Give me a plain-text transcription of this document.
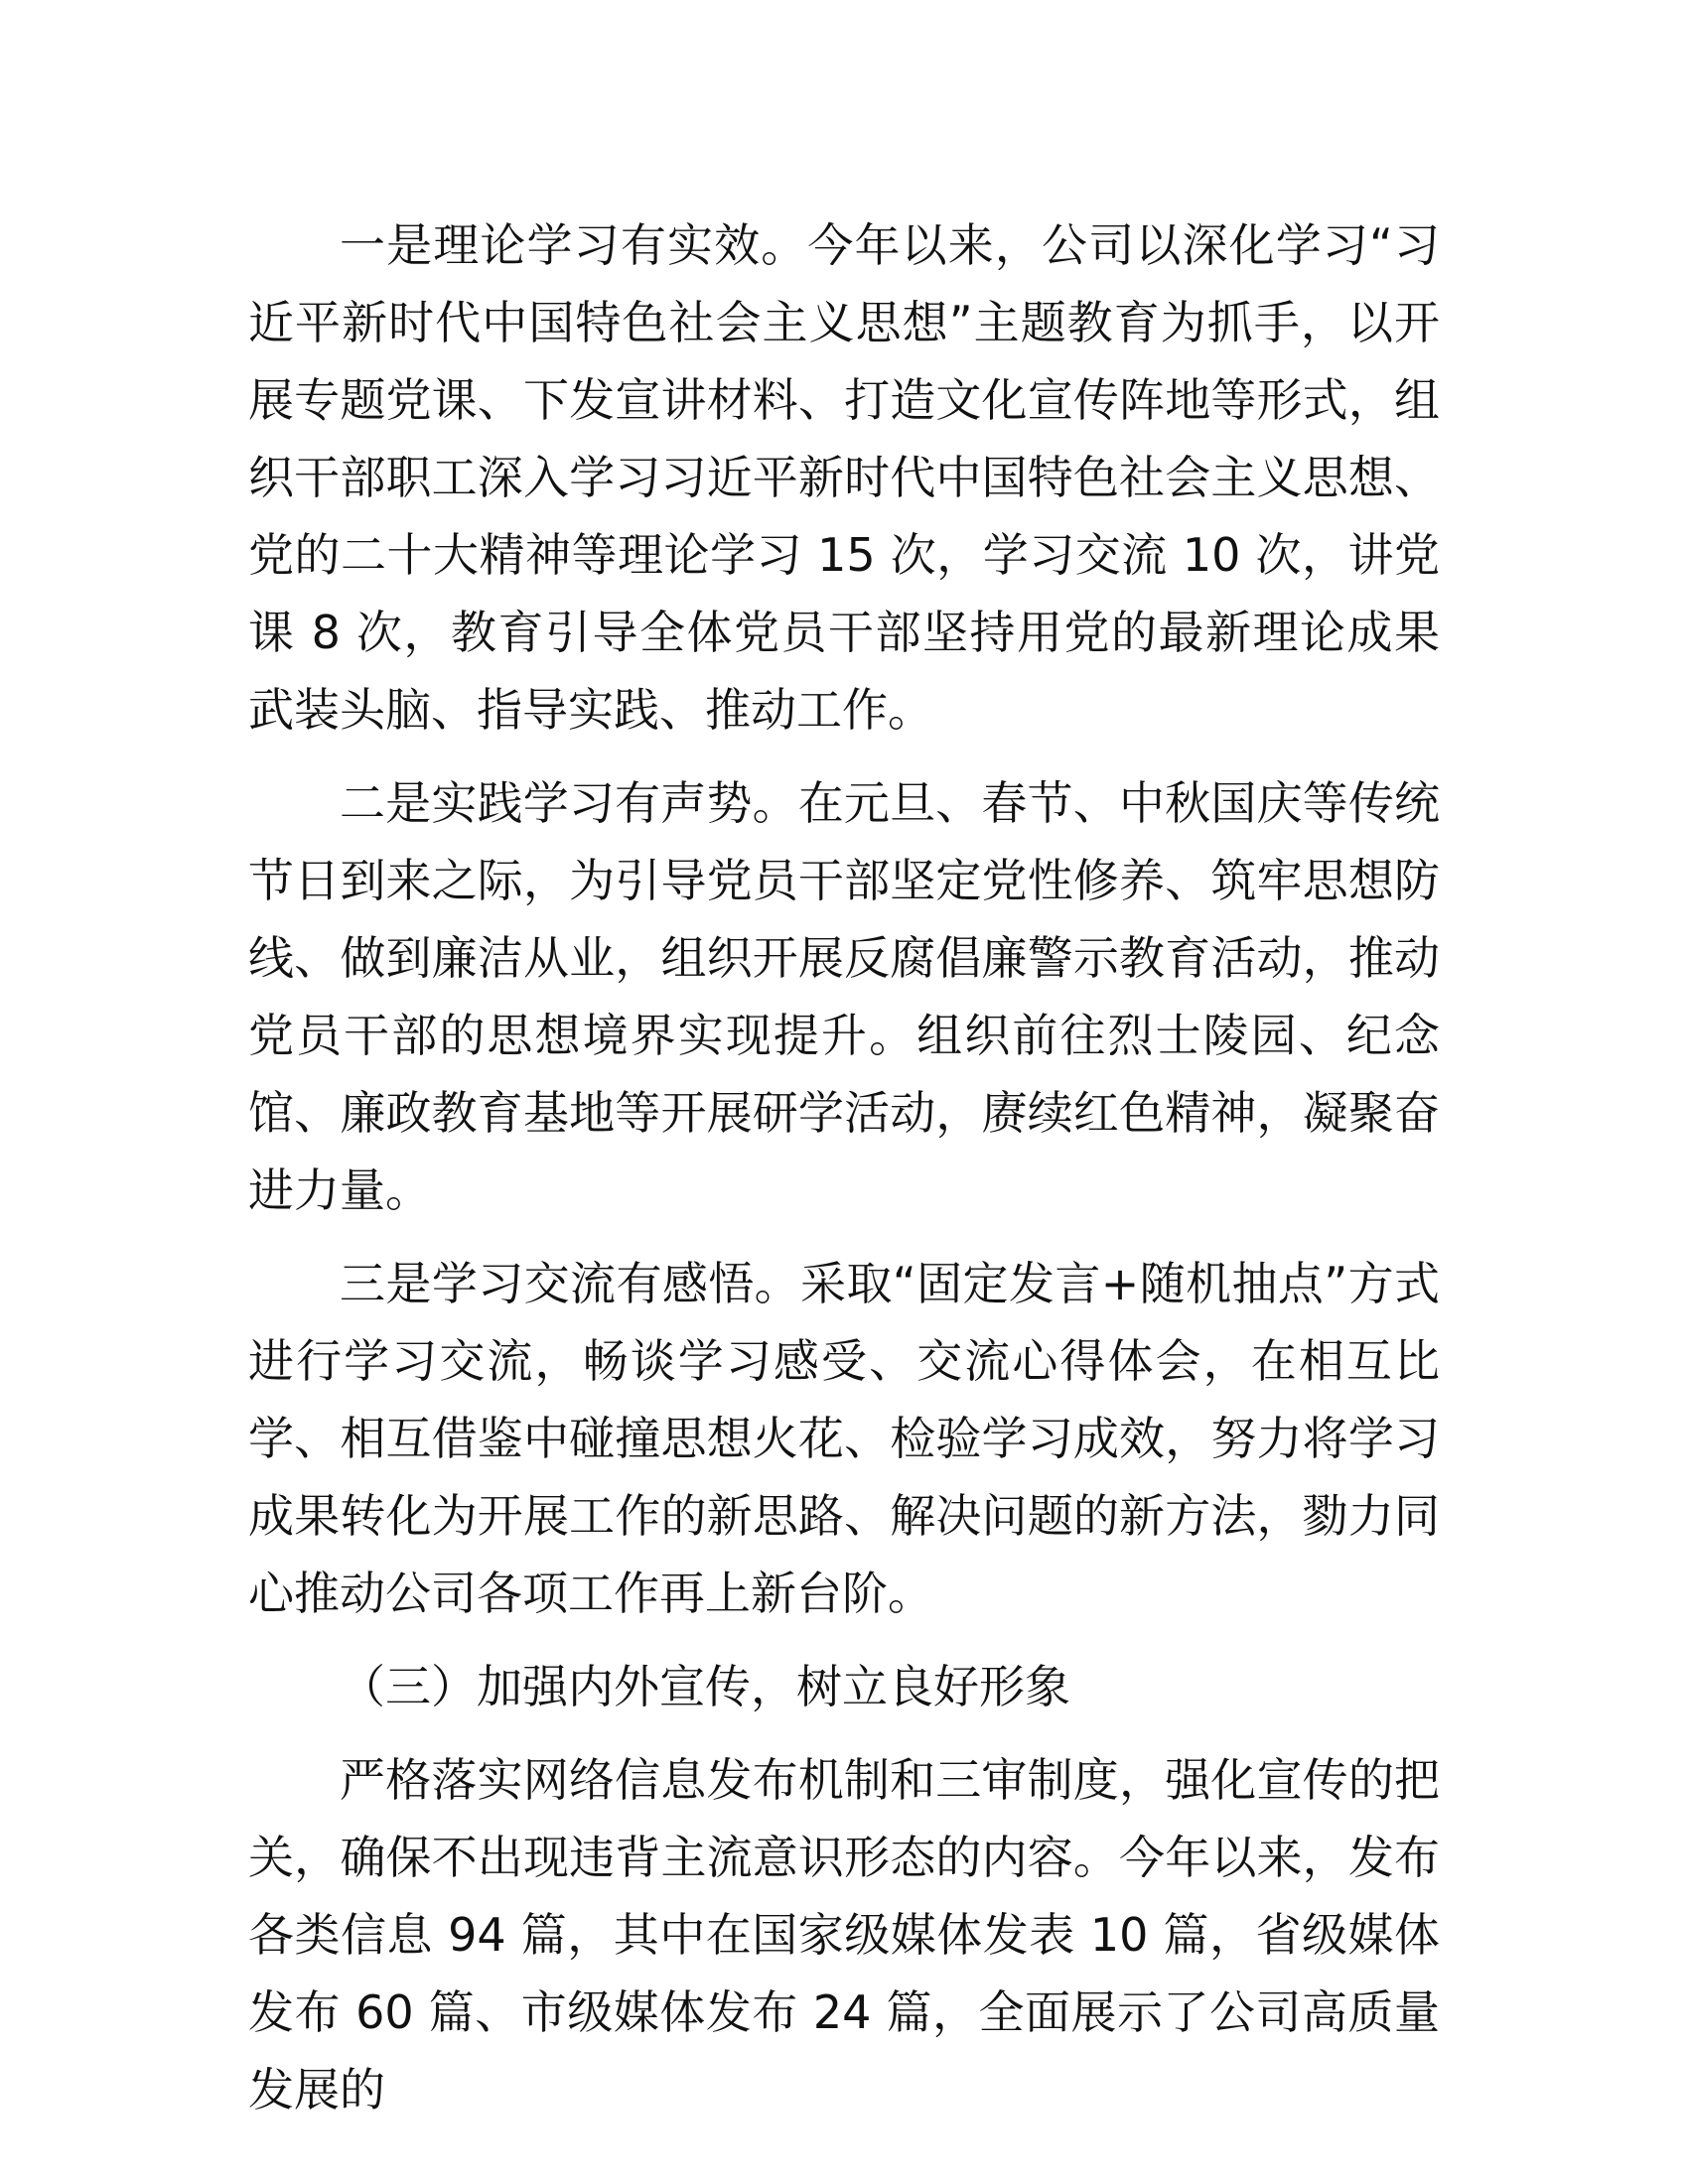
一是理论学习有实效。今年以来，公司以深化学习“习近平新时代中国特色社会主义思想”主题教育为抓手，以开展专题党课、下发宣讲材料、打造文化宣传阵地等形式，组织干部职工深入学习习近平新时代中国特色社会主义思想、党的二十大精神等理论学习 15 次，学习交流 10 次，讲党课 8 次，教育引导全体党员干部坚持用党的最新理论成果武装头脑、指导实践、推动工作。

二是实践学习有声势。在元旦、春节、中秋国庆等传统节日到来之际，为引导党员干部坚定党性修养、筑牢思想防线、做到廉洁从业，组织开展反腐倡廉警示教育活动，推动党员干部的思想境界实现提升。组织前往烈士陵园、纪念馆、廉政教育基地等开展研学活动，赓续红色精神，凝聚奋进力量。

三是学习交流有感悟。采取“固定发言+随机抽点”方式进行学习交流，畅谈学习感受、交流心得体会，在相互比学、相互借鉴中碰撞思想火花、检验学习成效，努力将学习成果转化为开展工作的新思路、解决问题的新方法，勠力同心推动公司各项工作再上新台阶。

（三）加强内外宣传，树立良好形象

严格落实网络信息发布机制和三审制度，强化宣传的把关，确保不出现违背主流意识形态的内容。今年以来，发布各类信息 94 篇，其中在国家级媒体发表 10 篇，省级媒体发布 60 篇、市级媒体发布 24 篇，全面展示了公司高质量发展的
